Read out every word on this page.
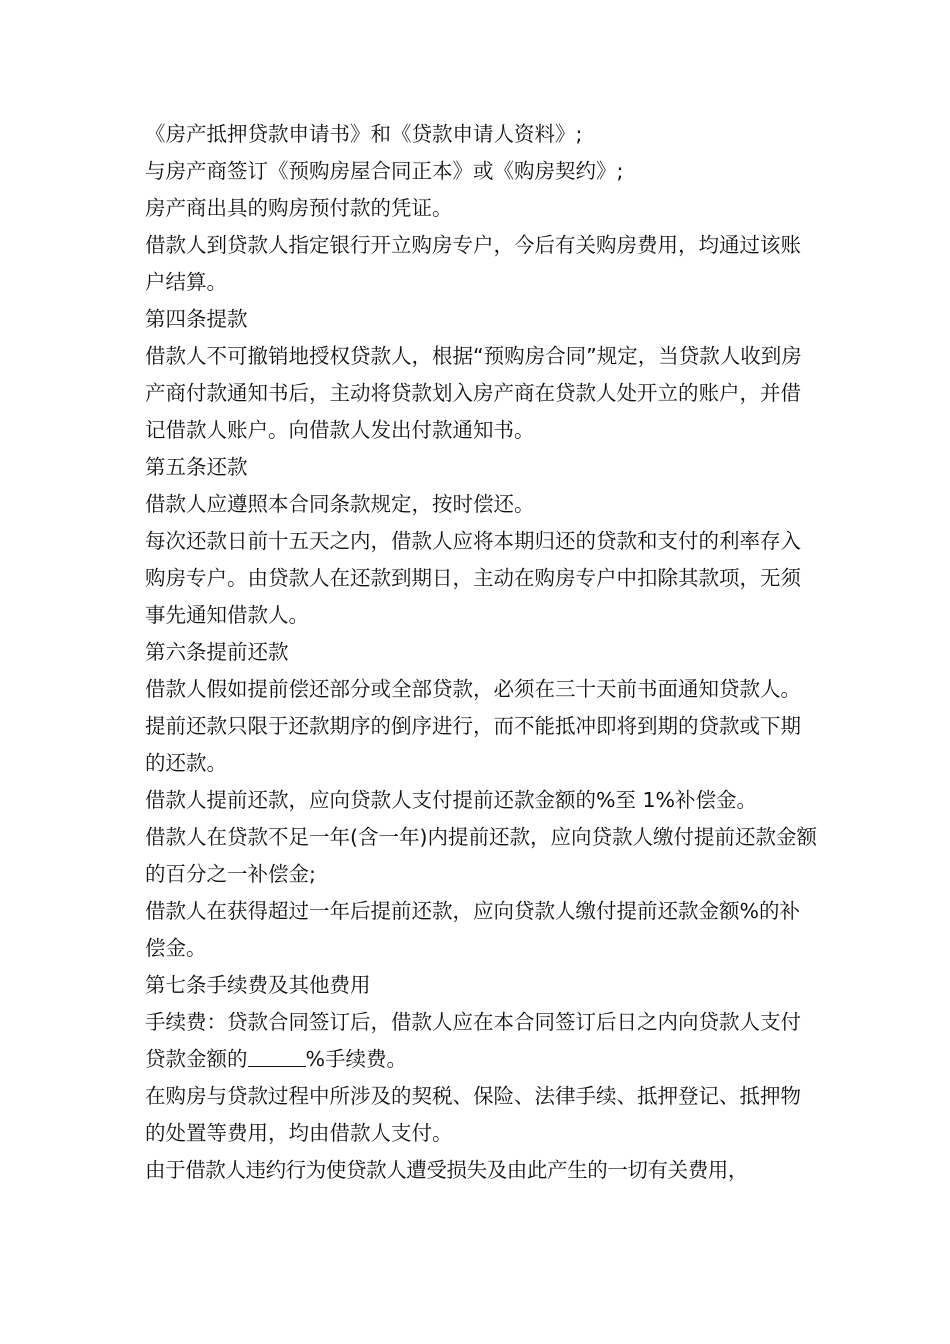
《房产抵押贷款申请书》和《贷款申请人资料》;

与房产商签订《预购房屋合同正本》或《购房契约》;

房产商出具的购房预付款的凭证。

借款人到贷款人指定银行开立购房专户，今后有关购房费用，均通过该账户结算。

第四条提款

借款人不可撤销地授权贷款人，根据“预购房合同”规定，当贷款人收到房产商付款通知书后，主动将贷款划入房产商在贷款人处开立的账户，并借记借款人账户。向借款人发出付款通知书。

第五条还款

借款人应遵照本合同条款规定，按时偿还。

每次还款日前十五天之内，借款人应将本期归还的贷款和支付的利率存入购房专户。由贷款人在还款到期日，主动在购房专户中扣除其款项，无须事先通知借款人。

第六条提前还款

借款人假如提前偿还部分或全部贷款，必须在三十天前书面通知贷款人。

提前还款只限于还款期序的倒序进行，而不能抵冲即将到期的贷款或下期的还款。

借款人提前还款，应向贷款人支付提前还款金额的%至 1%补偿金。

借款人在贷款不足一年(含一年)内提前还款，应向贷款人缴付提前还款金额的百分之一补偿金;

借款人在获得超过一年后提前还款，应向贷款人缴付提前还款金额%的补偿金。

第七条手续费及其他费用

手续费：贷款合同签订后，借款人应在本合同签订后日之内向贷款人支付贷款金额的	%手续费。

在购房与贷款过程中所涉及的契税、保险、法律手续、抵押登记、抵押物的处置等费用，均由借款人支付。

由于借款人违约行为使贷款人遭受损失及由此产生的一切有关费用，
